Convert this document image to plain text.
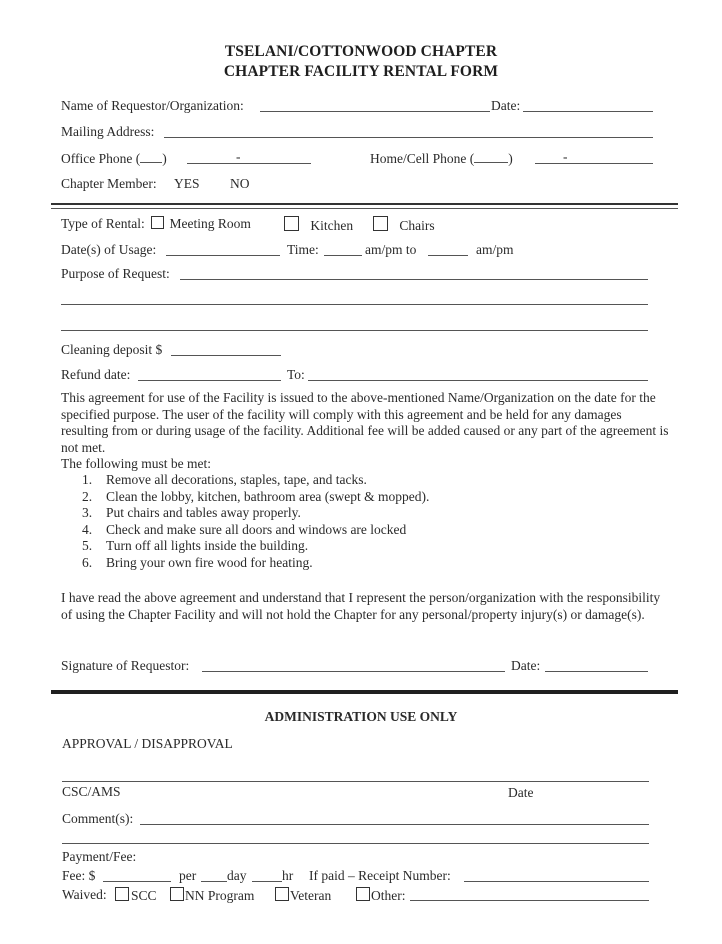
TSELANI/COTTONWOOD CHAPTER
CHAPTER FACILITY RENTAL FORM
Name of Requestor/Organization:	Date:
Mailing Address:
Office Phone ( )	-	Home/Cell Phone (	)	-
Chapter Member: YES NO
Type of Rental: Meeting Room	Kitchen	Chairs
Date(s) of Usage:	Time:	am/pm to	am/pm
Purpose of Request:
Cleaning deposit $
Refund date:	To:
This agreement for use of the Facility is issued to the above-mentioned Name/Organization on the date for the specified purpose. The user of the facility will comply with this agreement and be held for any damages resulting from or during usage of the facility. Additional fee will be added caused or any part of the agreement is not met.
The following must be met:
1. Remove all decorations, staples, tape, and tacks.
2. Clean the lobby, kitchen, bathroom area (swept & mopped).
3. Put chairs and tables away properly.
4. Check and make sure all doors and windows are locked
5. Turn off all lights inside the building.
6. Bring your own fire wood for heating.
I have read the above agreement and understand that I represent the person/organization with the responsibility of using the Chapter Facility and will not hold the Chapter for any personal/property injury(s) or damage(s).
Signature of Requestor:	Date:
ADMINISTRATION USE ONLY
APPROVAL / DISAPPROVAL
CSC/AMS	Date
Comment(s):
Payment/Fee:
Fee: $	per day	hr If paid – Receipt Number:
Waived:	SCC	NN Program	Veteran	Other:
